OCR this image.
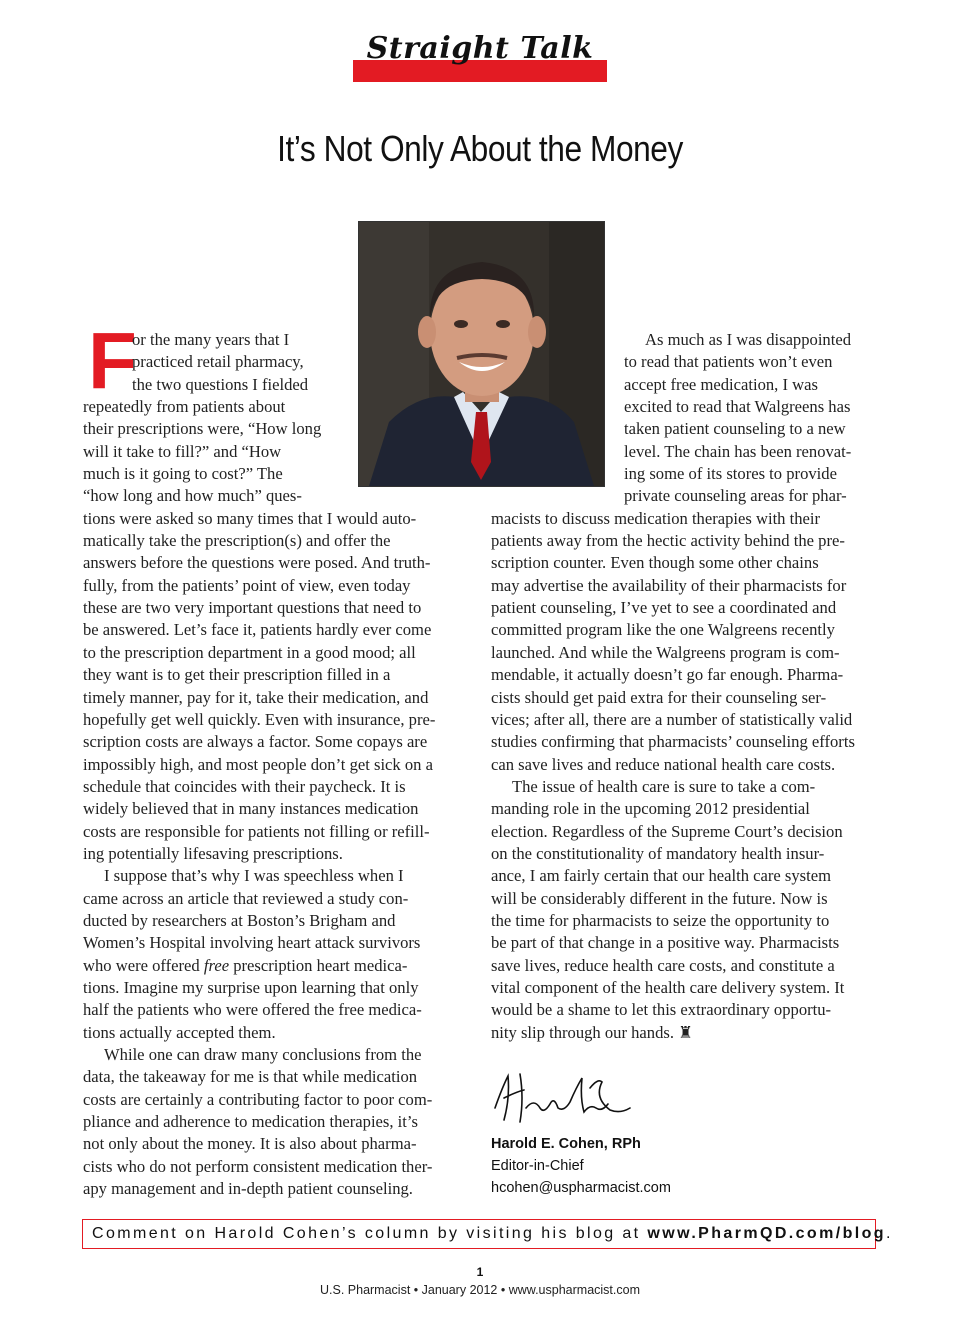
Straight Talk
It’s Not Only About the Money
F
or the many years that I
practiced retail pharmacy,
the two questions I fielded
repeatedly from patients about
their prescriptions were, “How long
will it take to fill?” and “How
much is it going to cost?” The
“how long and how much” ques-
tions were asked so many times that I would auto-
matically take the prescription(s) and offer the
answers before the questions were posed. And truth-
fully, from the patients’ point of view, even today
these are two very important questions that need to
be answered. Let’s face it, patients hardly ever come
to the prescription department in a good mood; all
they want is to get their prescription filled in a
timely manner, pay for it, take their medication, and
hopefully get well quickly. Even with insurance, pre-
scription costs are always a factor. Some copays are
impossibly high, and most people don’t get sick on a
schedule that coincides with their paycheck. It is
widely believed that in many instances medication
costs are responsible for patients not filling or refill-
ing potentially lifesaving prescriptions.
I suppose that’s why I was speechless when I
came across an article that reviewed a study con-
ducted by researchers at Boston’s Brigham and
Women’s Hospital involving heart attack survivors
who were offered free prescription heart medica-
tions. Imagine my surprise upon learning that only
half the patients who were offered the free medica-
tions actually accepted them.
While one can draw many conclusions from the
data, the takeaway for me is that while medication
costs are certainly a contributing factor to poor com-
pliance and adherence to medication therapies, it’s
not only about the money. It is also about pharma-
cists who do not perform consistent medication ther-
apy management and in-depth patient counseling.
As much as I was disappointed
to read that patients won’t even
accept free medication, I was
excited to read that Walgreens has
taken patient counseling to a new
level. The chain has been renovat-
ing some of its stores to provide
private counseling areas for phar-
macists to discuss medication therapies with their
patients away from the hectic activity behind the pre-
scription counter. Even though some other chains
may advertise the availability of their pharmacists for
patient counseling, I’ve yet to see a coordinated and
committed program like the one Walgreens recently
launched. And while the Walgreens program is com-
mendable, it actually doesn’t go far enough. Pharma-
cists should get paid extra for their counseling ser-
vices; after all, there are a number of statistically valid
studies confirming that pharmacists’ counseling efforts
can save lives and reduce national health care costs.
The issue of health care is sure to take a com-
manding role in the upcoming 2012 presidential
election. Regardless of the Supreme Court’s decision
on the constitutionality of mandatory health insur-
ance, I am fairly certain that our health care system
will be considerably different in the future. Now is
the time for pharmacists to seize the opportunity to
be part of that change in a positive way. Pharmacists
save lives, reduce health care costs, and constitute a
vital component of the health care delivery system. It
would be a shame to let this extraordinary opportu-
nity slip through our hands. ♜
Harold E. Cohen, RPh
Editor-in-Chief
hcohen@uspharmacist.com
Comment on Harold Cohen’s column by visiting his blog at www.PharmQD.com/blog.
1
U.S. Pharmacist • January 2012 • www.uspharmacist.com
